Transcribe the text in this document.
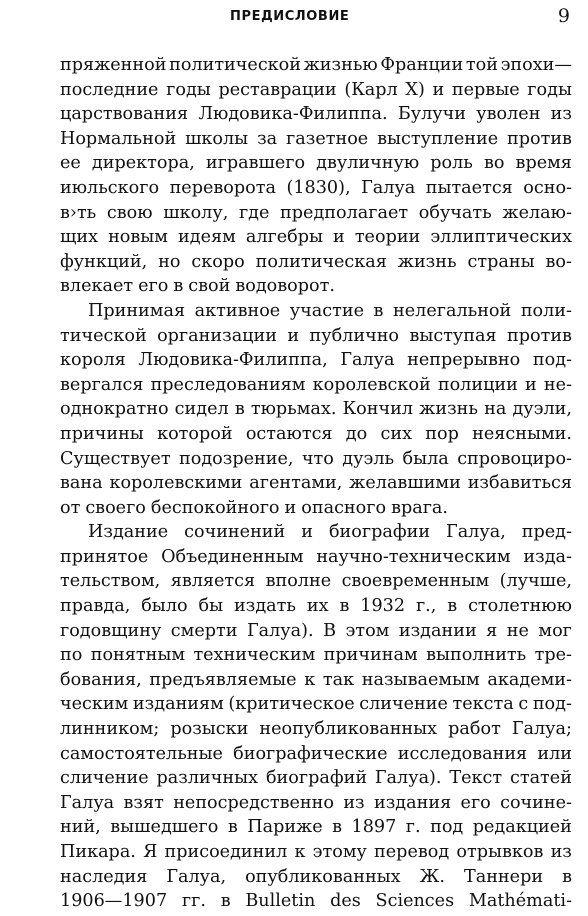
ПРЕДИСЛОВИЕ	9
пряженной политической жизнью Франции той эпохи—
последние годы реставрации (Карл X) и первые годы
царствования Людовика-Филиппа. Булучи уволен из
Нормальной школы за газетное выступление против
ее директора, игравшего двуличную роль во время
июльского переворота (1830), Галуа пытается осно-
в›ть свою школу, где предполагает обучать желаю-
щих новым идеям алгебры и теории эллиптических
функций, но скоро политическая жизнь страны во-
влекает его в свой водоворот.
Принимая активное участие в нелегальной поли-
тической организации и публично выступая против
короля Людовика-Филиппа, Галуа непрерывно под-
вергался преследованиям королевской полиции и не-
однократно сидел в тюрьмах. Кончил жизнь на дуэли,
причины которой остаются до сих пор неясными.
Существует подозрение, что дуэль была спровоциро-
вана королевскими агентами, желавшими избавиться
от своего беспокойного и опасного врага.
Издание сочинений и биографии Галуа, пред-
принятое Объединенным научно-техническим изда-
тельством, является вполне своевременным (лучше,
правда, было бы издать их в 1932 г., в столетнюю
годовщину смерти Галуа). В этом издании я не мог
по понятным техническим причинам выполнить тре-
бования, предъявляемые к так называемым академи-
ческим изданиям (критическое сличение текста с под-
линником; розыски неопубликованных работ Галуа;
самостоятельные биографические исследования или
сличение различных биографий Галуа). Текст статей
Галуа взят непосредственно из издания его сочине-
ний, вышедшего в Париже в 1897 г. под редакцией
Пикара. Я присоединил к этому перевод отрывков из
наследия Галуа, опубликованных Ж. Таннери в
1906—1907 гг. в Bulletin des Sciences Mathémati-
